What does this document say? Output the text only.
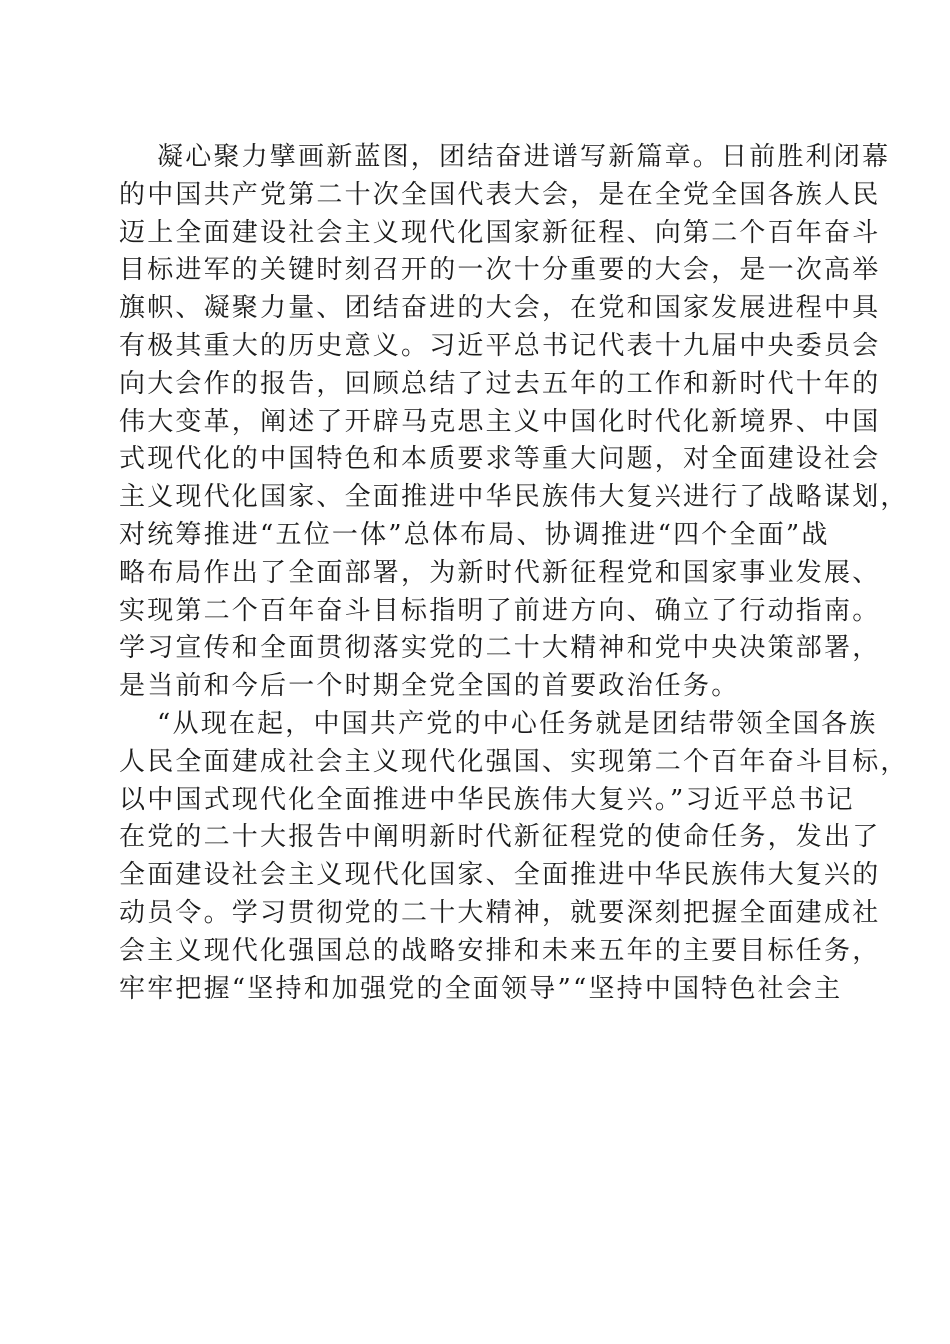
凝心聚力擘画新蓝图，团结奋进谱写新篇章。日前胜利闭幕
的中国共产党第二十次全国代表大会，是在全党全国各族人民
迈上全面建设社会主义现代化国家新征程、向第二个百年奋斗
目标进军的关键时刻召开的一次十分重要的大会，是一次高举
旗帜、凝聚力量、团结奋进的大会，在党和国家发展进程中具
有极其重大的历史意义。习近平总书记代表十九届中央委员会
向大会作的报告，回顾总结了过去五年的工作和新时代十年的
伟大变革，阐述了开辟马克思主义中国化时代化新境界、中国
式现代化的中国特色和本质要求等重大问题，对全面建设社会
主义现代化国家、全面推进中华民族伟大复兴进行了战略谋划，
对统筹推进“五位一体”总体布局、协调推进“四个全面”战
略布局作出了全面部署，为新时代新征程党和国家事业发展、
实现第二个百年奋斗目标指明了前进方向、确立了行动指南。
学习宣传和全面贯彻落实党的二十大精神和党中央决策部署，
是当前和今后一个时期全党全国的首要政治任务。
“从现在起，中国共产党的中心任务就是团结带领全国各族
人民全面建成社会主义现代化强国、实现第二个百年奋斗目标，
以中国式现代化全面推进中华民族伟大复兴。”习近平总书记
在党的二十大报告中阐明新时代新征程党的使命任务，发出了
全面建设社会主义现代化国家、全面推进中华民族伟大复兴的
动员令。学习贯彻党的二十大精神，就要深刻把握全面建成社
会主义现代化强国总的战略安排和未来五年的主要目标任务，
牢牢把握“坚持和加强党的全面领导”“坚持中国特色社会主
